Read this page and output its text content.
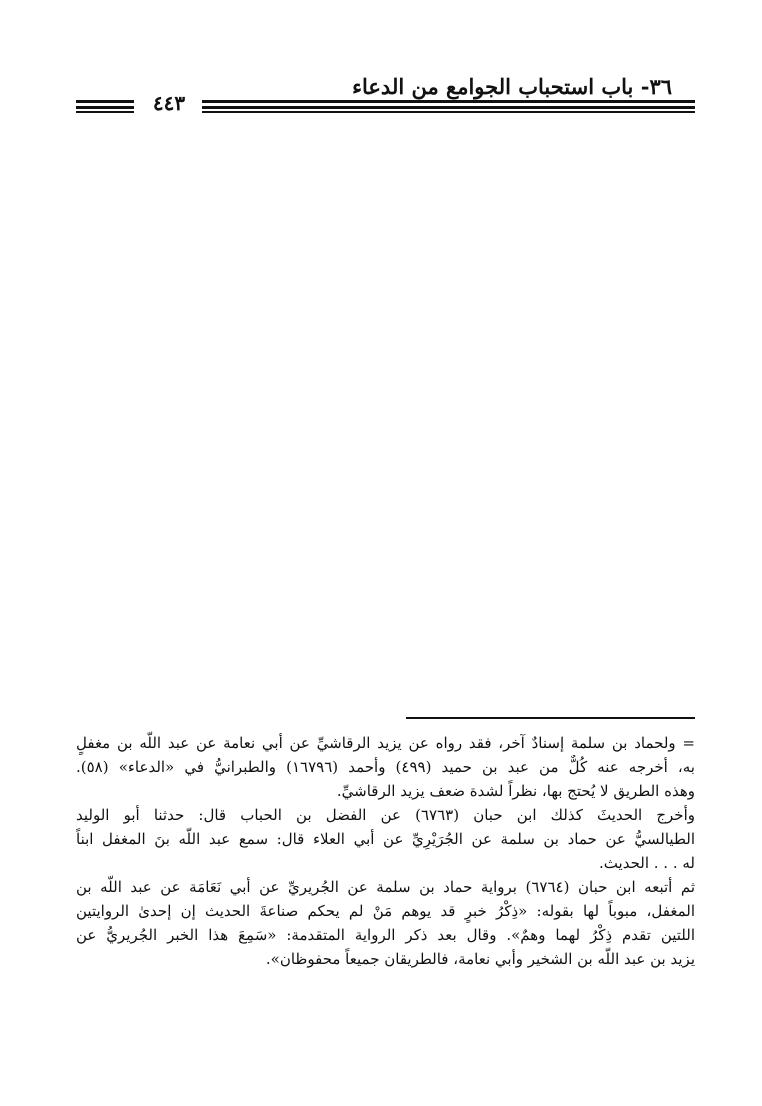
٣٦- باب استحباب الجوامع من الدعاء
٤٤٣
= ولحماد بن سلمة إسنادٌ آخر، فقد رواه عن يزيد الرقاشيِّ عن أبي نعامة عن عبد اللّه بن مغفلٍ
به، أخرجه عنه كُلٌّ من عبد بن حميد (٤٩٩) وأحمد (١٦٧٩٦) والطبرانيُّ في «الدعاء» (٥٨).
وهذه الطريق لا يُحتج بها، نظراً لشدة ضعف يزيد الرقاشيِّ.
وأخرج الحديثَ كذلك ابن حبان (٦٧٦٣) عن الفضل بن الحباب قال: حدثنا أبو الوليد
الطيالسيُّ عن حماد بن سلمة عن الجُرَيْرِيِّ عن أبي العلاء قال: سمع عبد اللّه بنَ المغفل ابناً
له . . . الحديث.
ثم أتبعه ابن حبان (٦٧٦٤) برواية حماد بن سلمة عن الجُريريِّ عن أبي نَعَامَة عن عبد اللّه بن
المغفل، مبوباً لها بقوله: «ذِكْرُ خبرٍ قد يوهم مَنْ لم يحكم صناعةَ الحديث إن إحدىٰ الروايتين
اللتين تقدم ذِكْرُ لهما وهمٌ». وقال بعد ذكر الرواية المتقدمة: «سَمِعَ هذا الخبر الجُريريُّ عن
يزيد بن عبد اللّه بن الشخير وأبي نعامة، فالطريقان جميعاً محفوظان».
